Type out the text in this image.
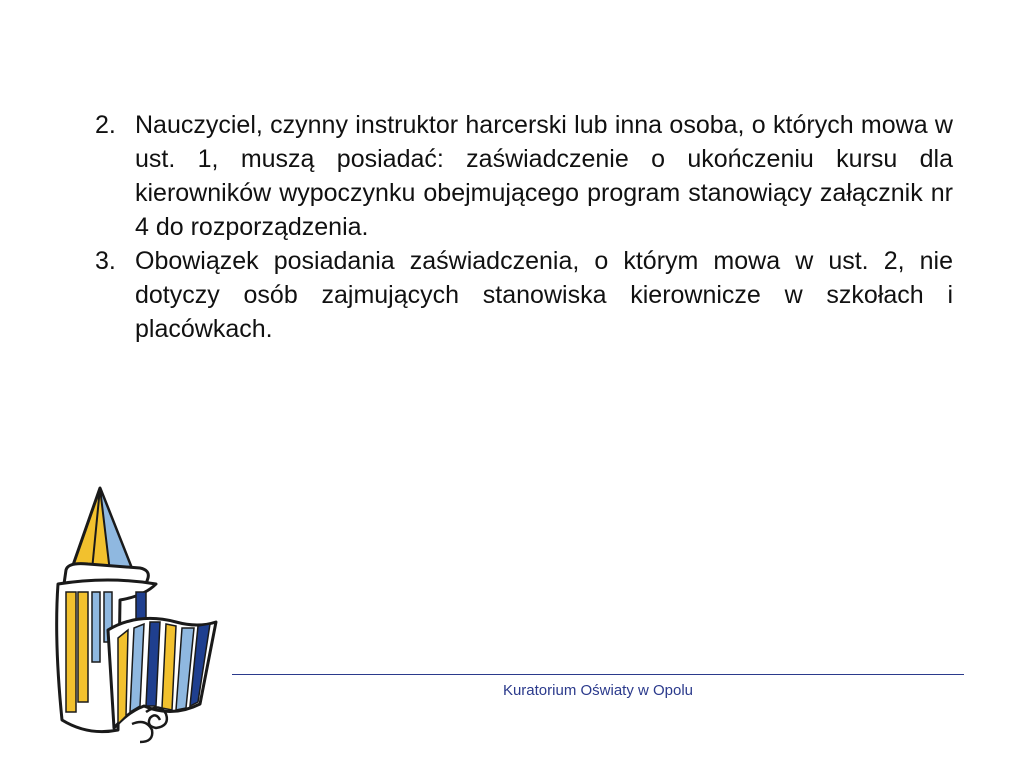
2. Nauczyciel, czynny instruktor harcerski lub inna osoba, o których mowa w ust. 1, muszą posiadać: zaświadczenie o ukończeniu kursu dla kierowników wypoczynku obejmującego program stanowiący załącznik nr 4 do rozporządzenia.
3. Obowiązek posiadania zaświadczenia, o którym mowa w ust. 2, nie dotyczy osób zajmujących stanowiska kierownicze w szkołach i placówkach.
Kuratorium Oświaty w Opolu
